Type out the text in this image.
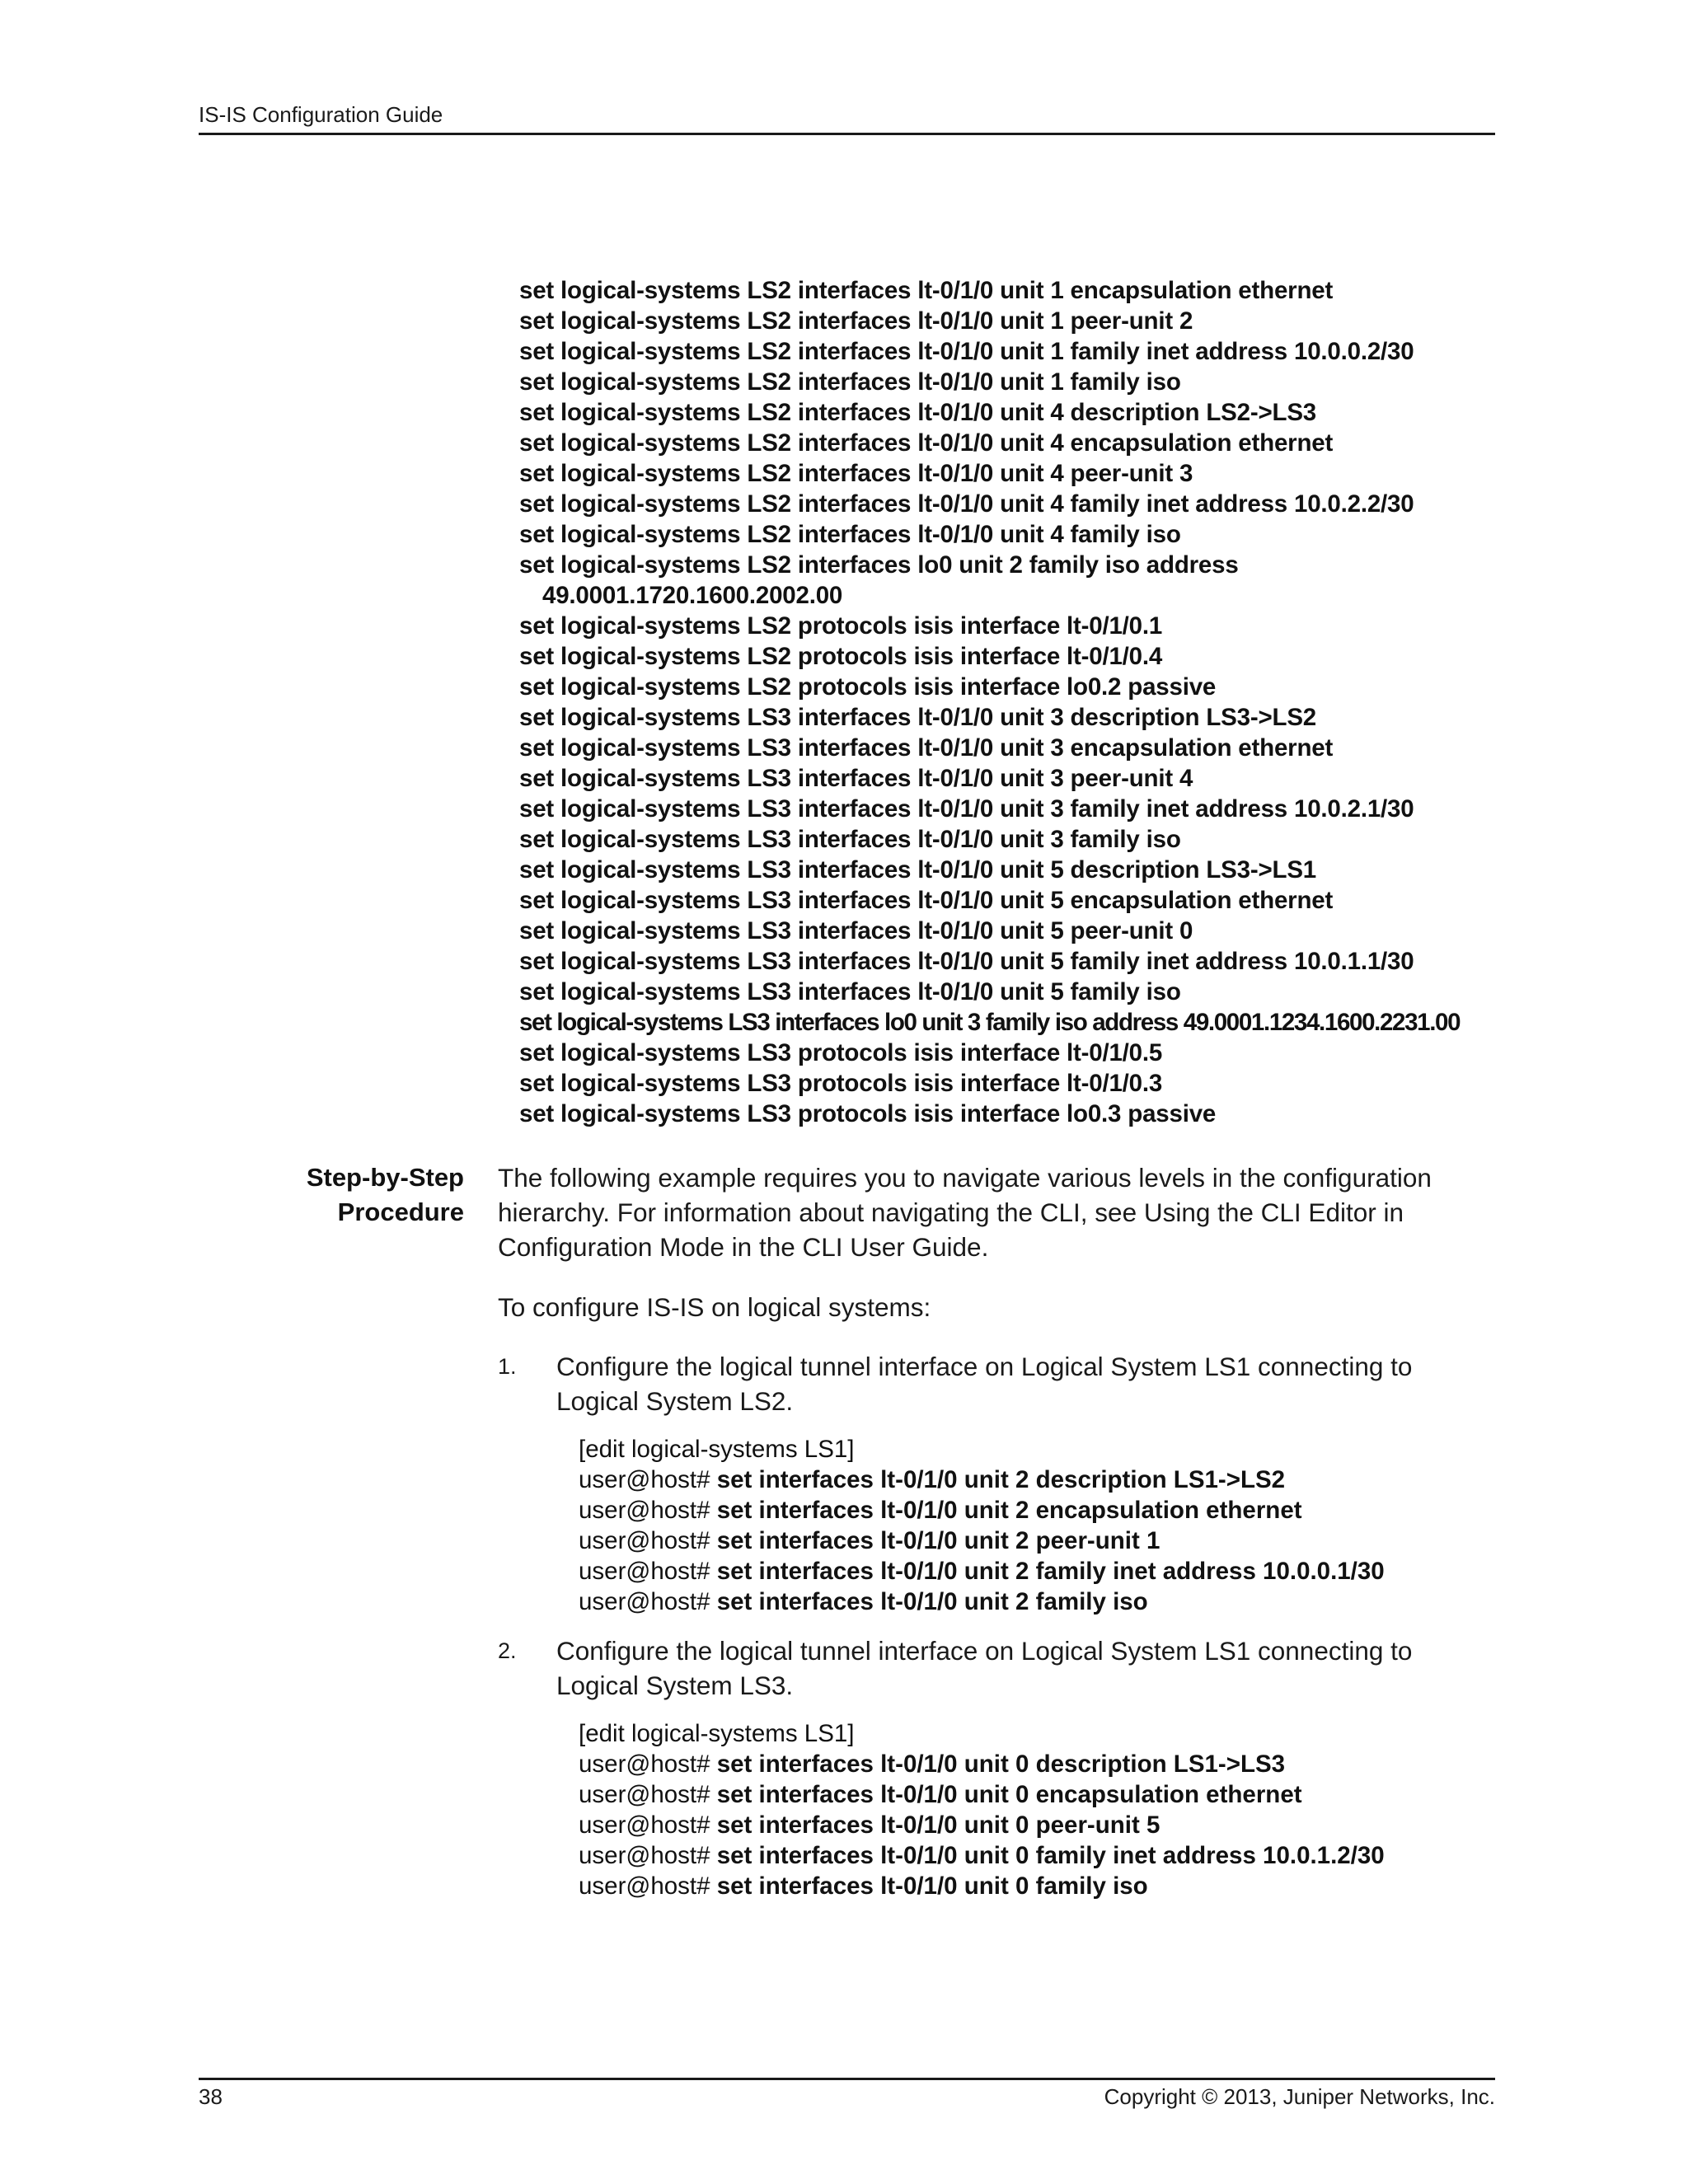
IS-IS Configuration Guide
set logical-systems LS2 interfaces lt-0/1/0 unit 1 encapsulation ethernet
set logical-systems LS2 interfaces lt-0/1/0 unit 1 peer-unit 2
set logical-systems LS2 interfaces lt-0/1/0 unit 1 family inet address 10.0.0.2/30
set logical-systems LS2 interfaces lt-0/1/0 unit 1 family iso
set logical-systems LS2 interfaces lt-0/1/0 unit 4 description LS2->LS3
set logical-systems LS2 interfaces lt-0/1/0 unit 4 encapsulation ethernet
set logical-systems LS2 interfaces lt-0/1/0 unit 4 peer-unit 3
set logical-systems LS2 interfaces lt-0/1/0 unit 4 family inet address 10.0.2.2/30
set logical-systems LS2 interfaces lt-0/1/0 unit 4 family iso
set logical-systems LS2 interfaces lo0 unit 2 family iso address
49.0001.1720.1600.2002.00
set logical-systems LS2 protocols isis interface lt-0/1/0.1
set logical-systems LS2 protocols isis interface lt-0/1/0.4
set logical-systems LS2 protocols isis interface lo0.2 passive
set logical-systems LS3 interfaces lt-0/1/0 unit 3 description LS3->LS2
set logical-systems LS3 interfaces lt-0/1/0 unit 3 encapsulation ethernet
set logical-systems LS3 interfaces lt-0/1/0 unit 3 peer-unit 4
set logical-systems LS3 interfaces lt-0/1/0 unit 3 family inet address 10.0.2.1/30
set logical-systems LS3 interfaces lt-0/1/0 unit 3 family iso
set logical-systems LS3 interfaces lt-0/1/0 unit 5 description LS3->LS1
set logical-systems LS3 interfaces lt-0/1/0 unit 5 encapsulation ethernet
set logical-systems LS3 interfaces lt-0/1/0 unit 5 peer-unit 0
set logical-systems LS3 interfaces lt-0/1/0 unit 5 family inet address 10.0.1.1/30
set logical-systems LS3 interfaces lt-0/1/0 unit 5 family iso
set logical-systems LS3 interfaces lo0 unit 3 family iso address 49.0001.1234.1600.2231.00
set logical-systems LS3 protocols isis interface lt-0/1/0.5
set logical-systems LS3 protocols isis interface lt-0/1/0.3
set logical-systems LS3 protocols isis interface lo0.3 passive
Step-by-Step
Procedure
The following example requires you to navigate various levels in the configuration hierarchy. For information about navigating the CLI, see Using the CLI Editor in Configuration Mode in the CLI User Guide.
To configure IS-IS on logical systems:
1.	Configure the logical tunnel interface on Logical System LS1 connecting to Logical System LS2.
[edit logical-systems LS1]
user@host# set interfaces lt-0/1/0 unit 2 description LS1->LS2
user@host# set interfaces lt-0/1/0 unit 2 encapsulation ethernet
user@host# set interfaces lt-0/1/0 unit 2 peer-unit 1
user@host# set interfaces lt-0/1/0 unit 2 family inet address 10.0.0.1/30
user@host# set interfaces lt-0/1/0 unit 2 family iso
2.	Configure the logical tunnel interface on Logical System LS1 connecting to Logical System LS3.
[edit logical-systems LS1]
user@host# set interfaces lt-0/1/0 unit 0 description LS1->LS3
user@host# set interfaces lt-0/1/0 unit 0 encapsulation ethernet
user@host# set interfaces lt-0/1/0 unit 0 peer-unit 5
user@host# set interfaces lt-0/1/0 unit 0 family inet address 10.0.1.2/30
user@host# set interfaces lt-0/1/0 unit 0 family iso
38	Copyright © 2013, Juniper Networks, Inc.
